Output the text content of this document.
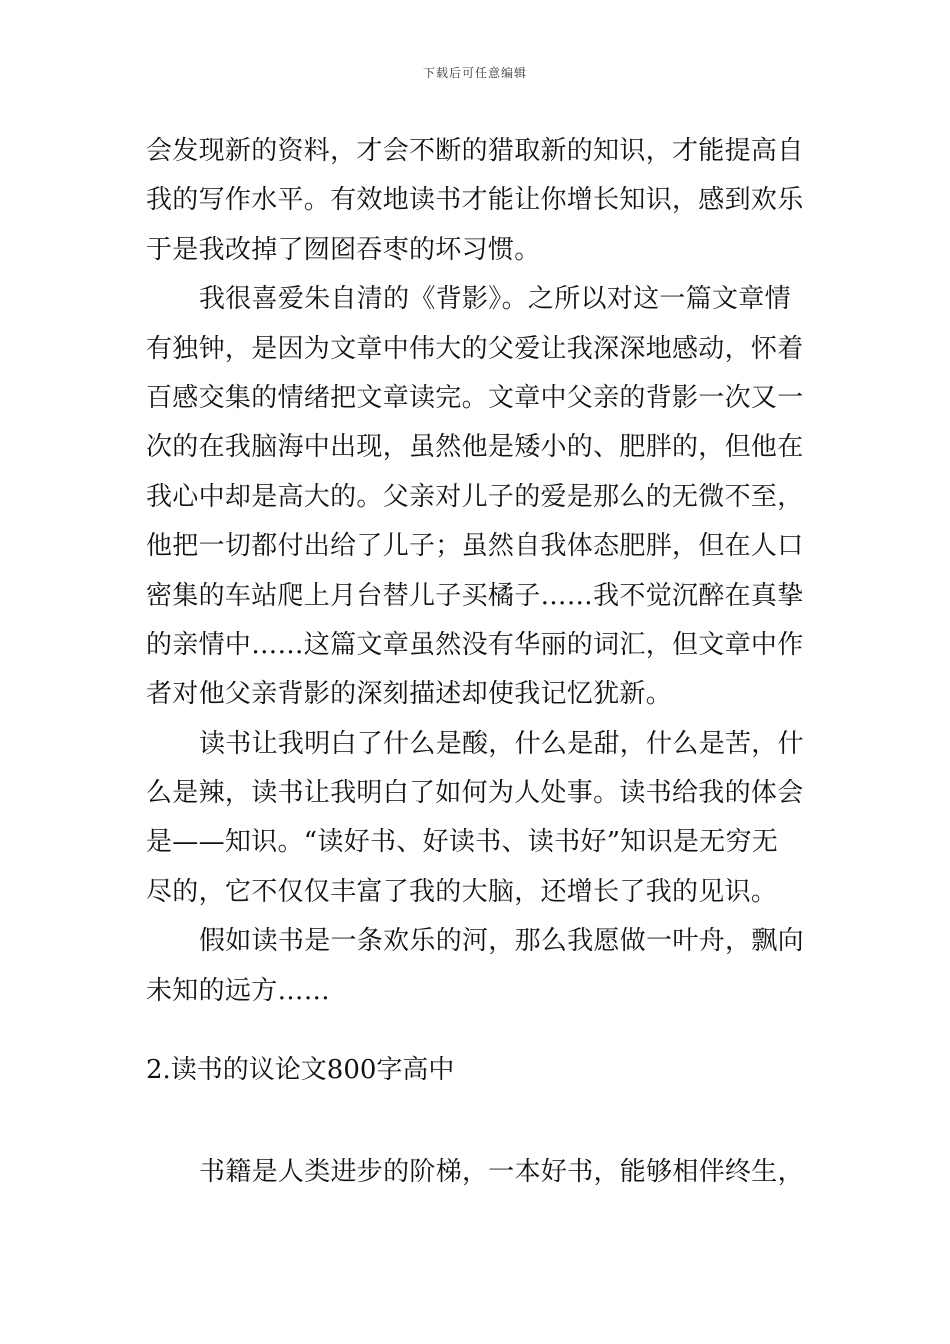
下载后可任意编辑
会发现新的资料，才会不断的猎取新的知识，才能提高自
我的写作水平。有效地读书才能让你增长知识，感到欢乐
于是我改掉了囫囵吞枣的坏习惯。
我很喜爱朱自清的《背影》。之所以对这一篇文章情
有独钟，是因为文章中伟大的父爱让我深深地感动，怀着
百感交集的情绪把文章读完。文章中父亲的背影一次又一
次的在我脑海中出现，虽然他是矮小的、肥胖的，但他在
我心中却是高大的。父亲对儿子的爱是那么的无微不至，
他把一切都付出给了儿子；虽然自我体态肥胖，但在人口
密集的车站爬上月台替儿子买橘子……我不觉沉醉在真挚
的亲情中……这篇文章虽然没有华丽的词汇，但文章中作
者对他父亲背影的深刻描述却使我记忆犹新。
读书让我明白了什么是酸，什么是甜，什么是苦，什
么是辣，读书让我明白了如何为人处事。读书给我的体会
是——知识。“读好书、好读书、读书好”知识是无穷无
尽的，它不仅仅丰富了我的大脑，还增长了我的见识。
假如读书是一条欢乐的河，那么我愿做一叶舟，飘向
未知的远方……
2.读书的议论文800字高中
书籍是人类进步的阶梯，一本好书，能够相伴终生，
